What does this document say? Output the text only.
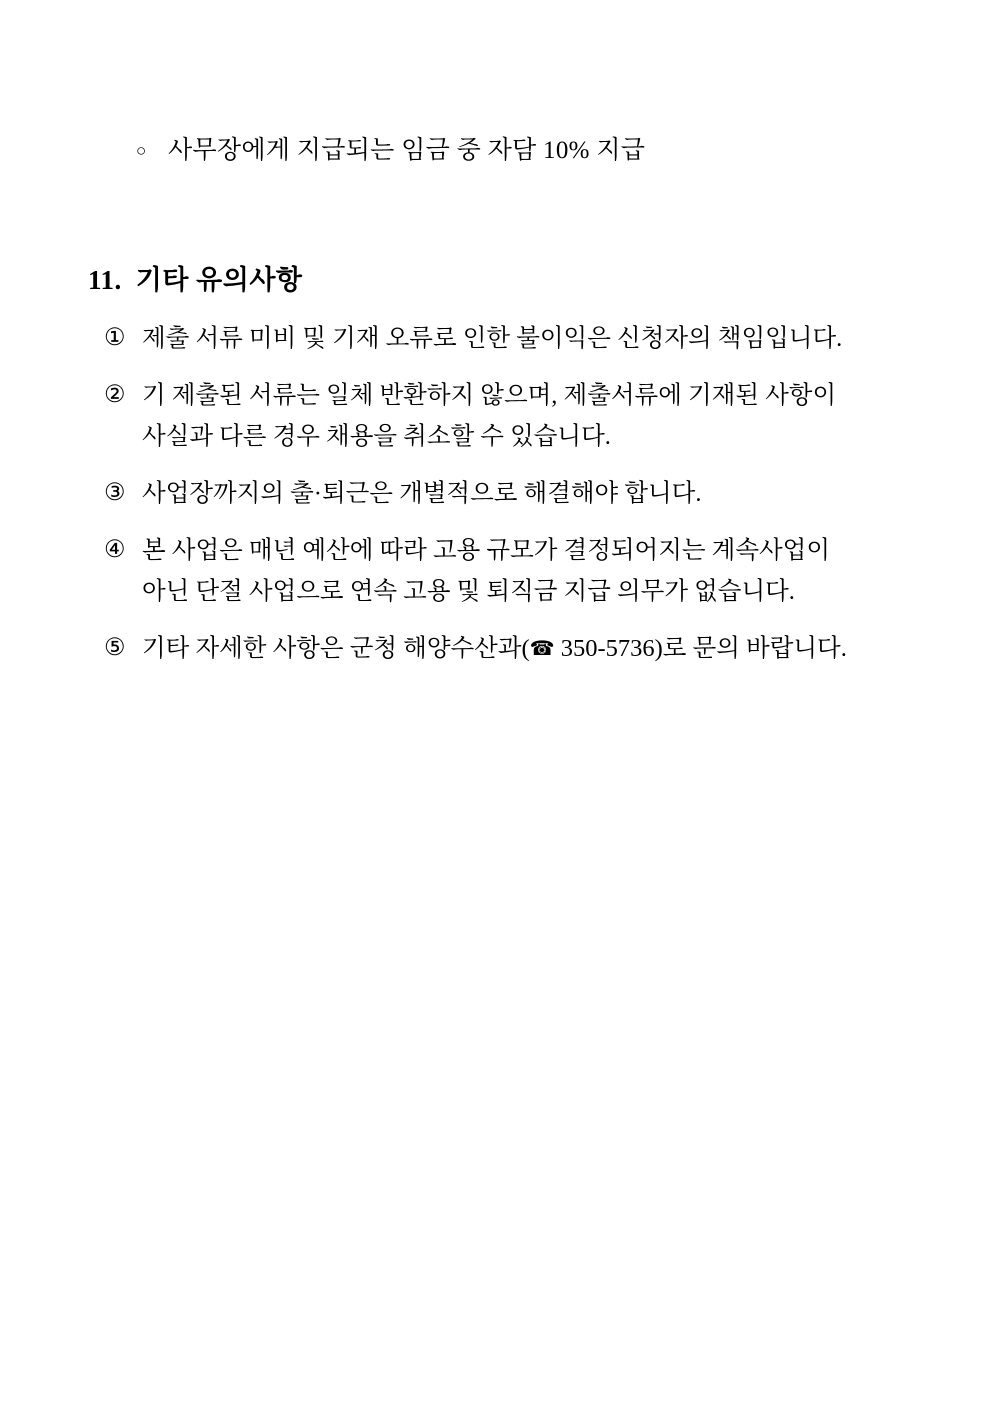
○ 사무장에게 지급되는 임금 중 자담 10% 지급
11. 기타 유의사항
① 제출 서류 미비 및 기재 오류로 인한 불이익은 신청자의 책임입니다.
② 기 제출된 서류는 일체 반환하지 않으며, 제출서류에 기재된 사항이
사실과 다른 경우 채용을 취소할 수 있습니다.
③ 사업장까지의 출·퇴근은 개별적으로 해결해야 합니다.
④ 본 사업은 매년 예산에 따라 고용 규모가 결정되어지는 계속사업이
아닌 단절 사업으로 연속 고용 및 퇴직금 지급 의무가 없습니다.
⑤ 기타 자세한 사항은 군청 해양수산과(☎ 350-5736)로 문의 바랍니다.
